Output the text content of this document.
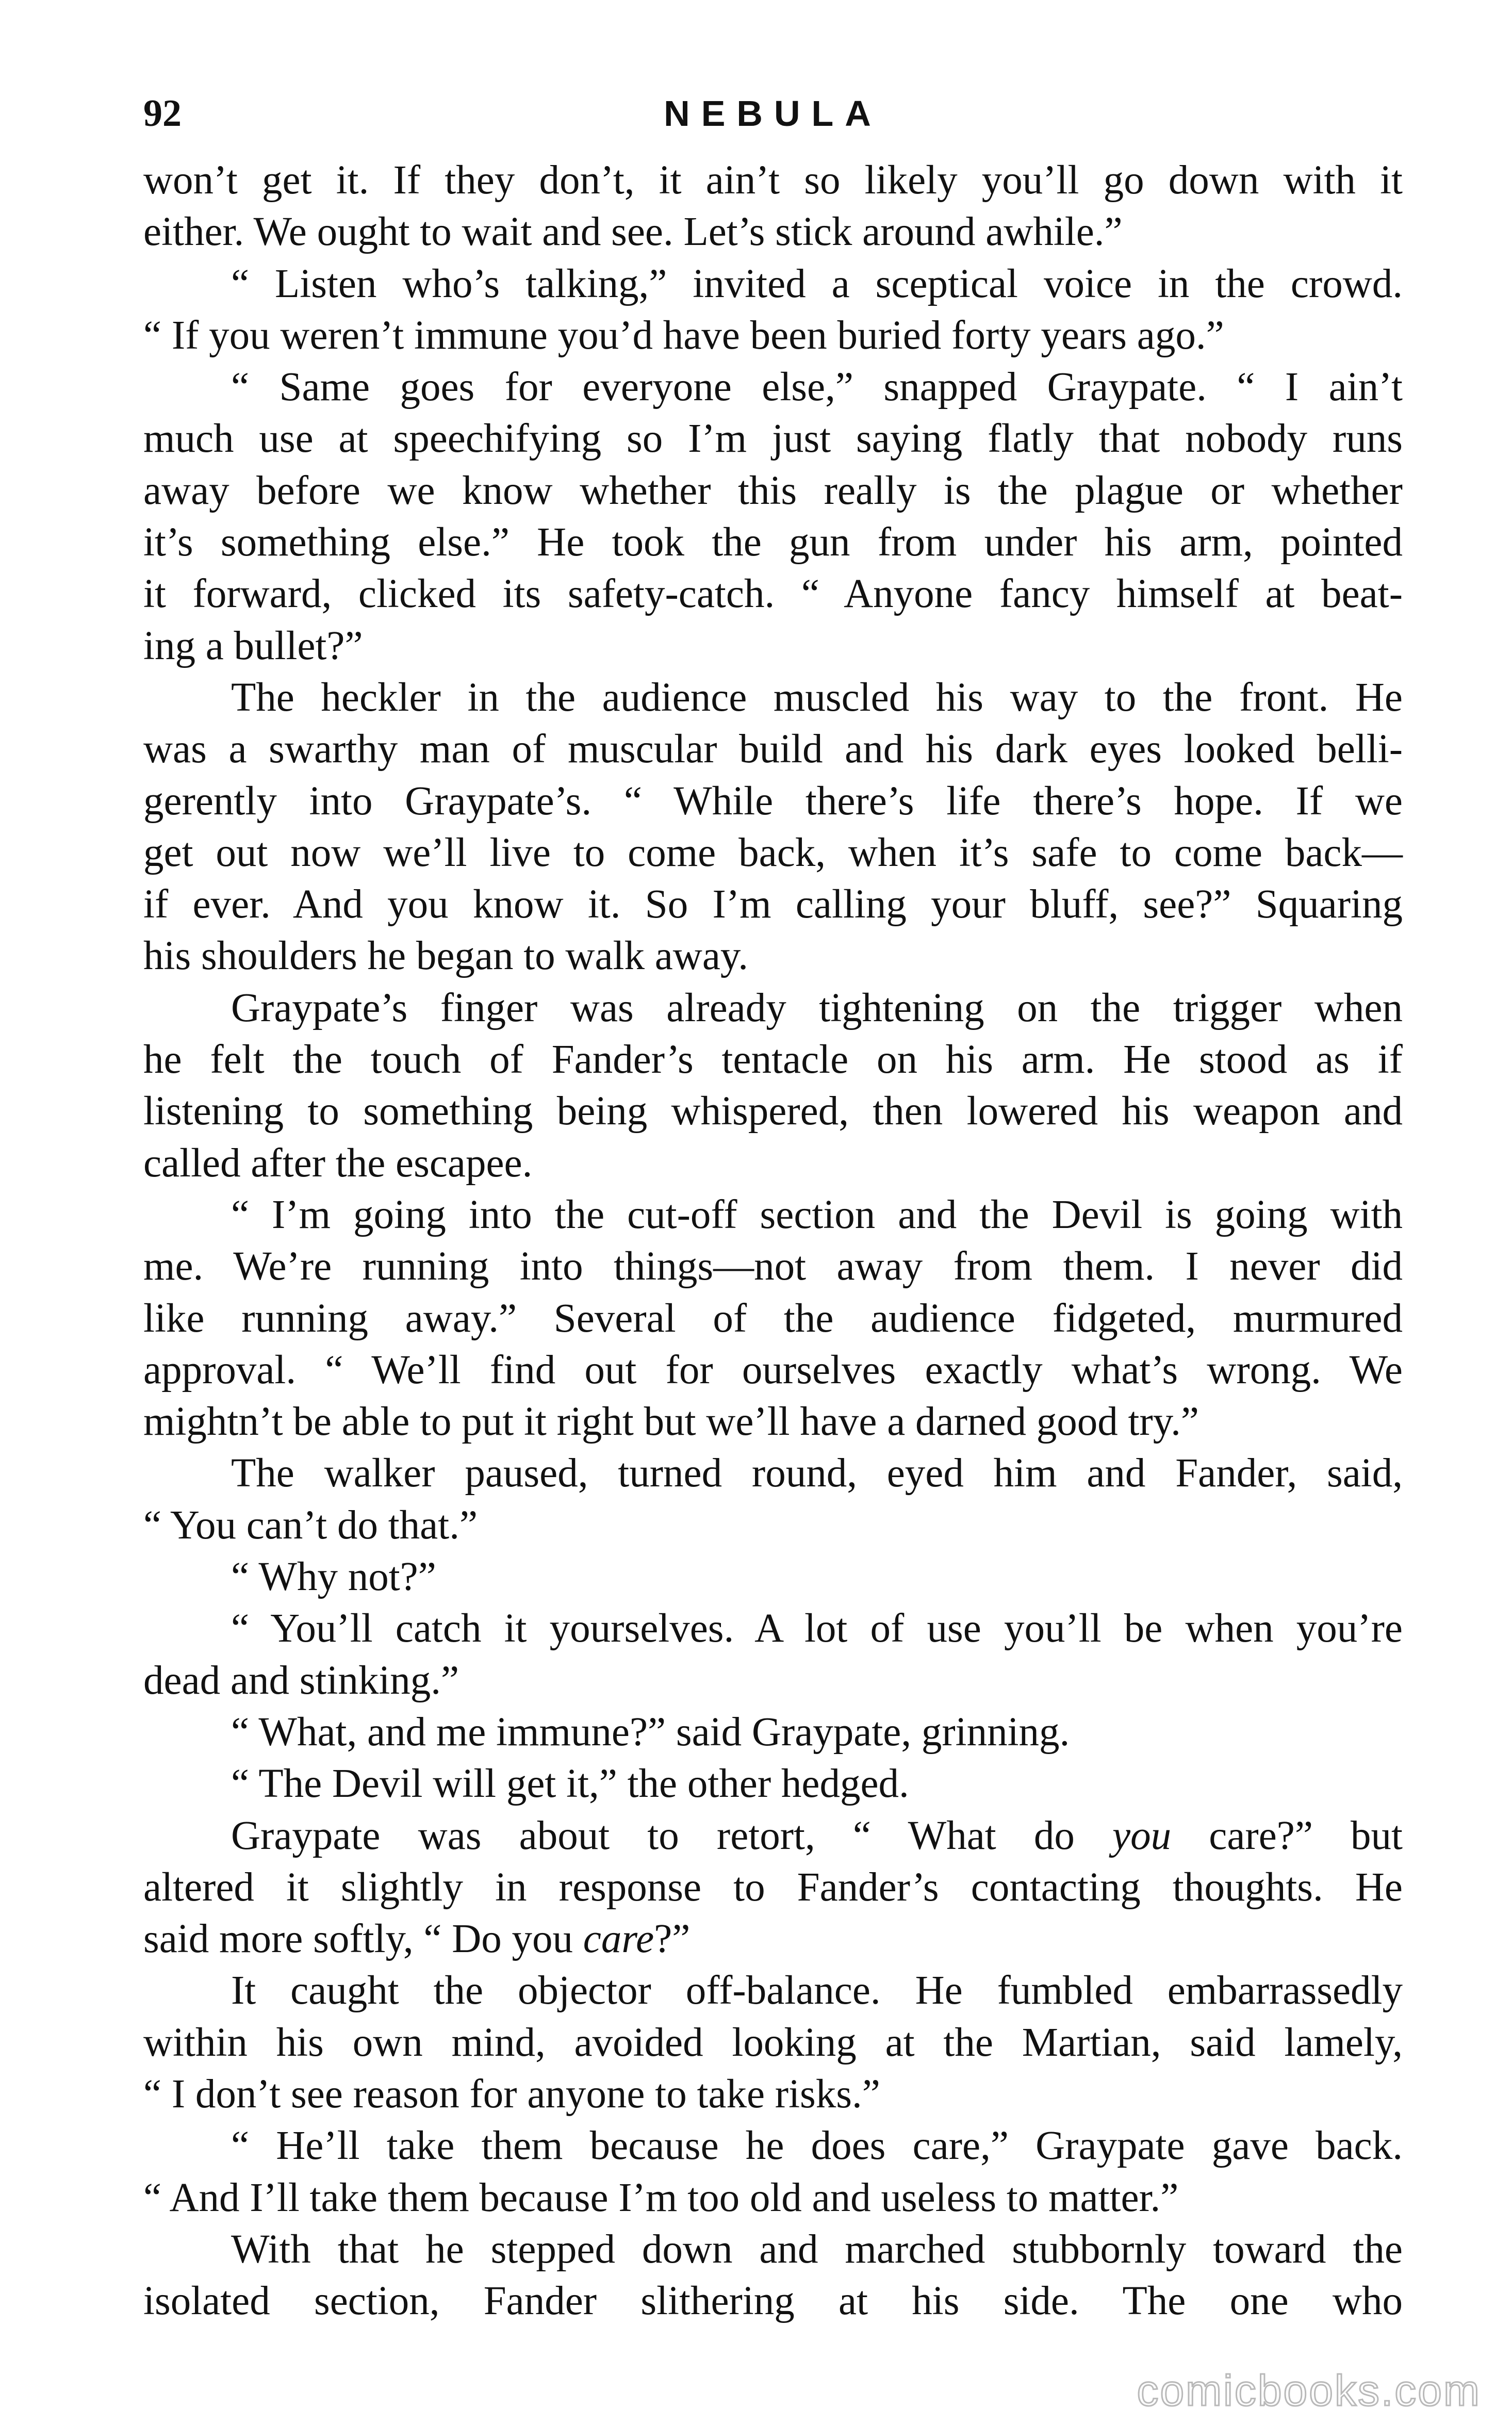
92	NEBULA
won’t get it. If they don’t, it ain’t so likely you’ll go down with it
either. We ought to wait and see. Let’s stick around awhile.”
“ Listen who’s talking,” invited a sceptical voice in the crowd.
“ If you weren’t immune you’d have been buried forty years ago.”
“ Same goes for everyone else,” snapped Graypate. “ I ain’t
much use at speechifying so I’m just saying flatly that nobody runs
away before we know whether this really is the plague or whether
it’s something else.” He took the gun from under his arm, pointed
it forward, clicked its safety-catch. “ Anyone fancy himself at beat-
ing a bullet?”
The heckler in the audience muscled his way to the front. He
was a swarthy man of muscular build and his dark eyes looked belli-
gerently into Graypate’s. “ While there’s life there’s hope. If we
get out now we’ll live to come back, when it’s safe to come back—
if ever. And you know it. So I’m calling your bluff, see?” Squaring
his shoulders he began to walk away.
Graypate’s finger was already tightening on the trigger when
he felt the touch of Fander’s tentacle on his arm. He stood as if
listening to something being whispered, then lowered his weapon and
called after the escapee.
“ I’m going into the cut-off section and the Devil is going with
me. We’re running into things—not away from them. I never did
like running away.” Several of the audience fidgeted, murmured
approval. “ We’ll find out for ourselves exactly what’s wrong. We
mightn’t be able to put it right but we’ll have a darned good try.”
The walker paused, turned round, eyed him and Fander, said,
“ You can’t do that.”
“ Why not?”
“ You’ll catch it yourselves. A lot of use you’ll be when you’re
dead and stinking.”
“ What, and me immune?” said Graypate, grinning.
“ The Devil will get it,” the other hedged.
Graypate was about to retort, “ What do you care?” but
altered it slightly in response to Fander’s contacting thoughts. He
said more softly, “ Do you care?”
It caught the objector off-balance. He fumbled embarrassedly
within his own mind, avoided looking at the Martian, said lamely,
“ I don’t see reason for anyone to take risks.”
“ He’ll take them because he does care,” Graypate gave back.
“ And I’ll take them because I’m too old and useless to matter.”
With that he stepped down and marched stubbornly toward the
isolated section, Fander slithering at his side. The one who
comicbooks.com
